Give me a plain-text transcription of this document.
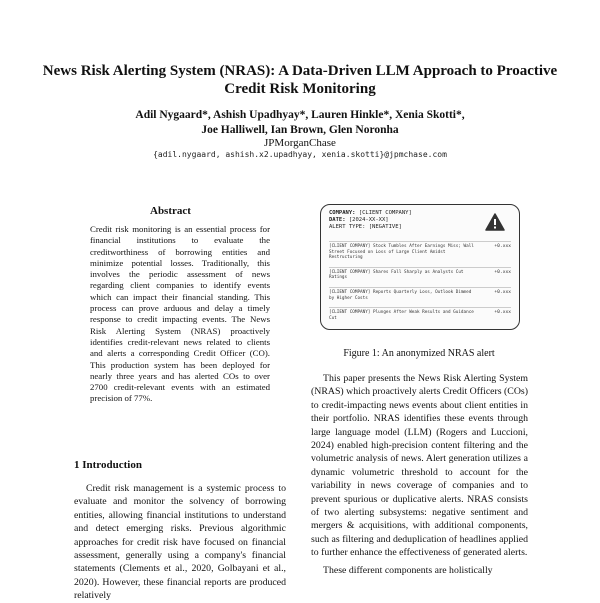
News Risk Alerting System (NRAS): A Data-Driven LLM Approach to Proactive Credit Risk Monitoring
Adil Nygaard*, Ashish Upadhyay*, Lauren Hinkle*, Xenia Skotti*,
Joe Halliwell, Ian Brown, Glen Noronha
JPMorganChase
{adil.nygaard, ashish.x2.upadhyay, xenia.skotti}@jpmchase.com
Abstract
Credit risk monitoring is an essential process for financial institutions to evaluate the creditworthiness of borrowing entities and minimize potential losses. Traditionally, this involves the periodic assessment of news regarding client companies to identify events which can impact their financial standing. This process can prove arduous and delay a timely response to credit impacting events. The News Risk Alerting System (NRAS) proactively identifies credit-relevant news related to clients and alerts a corresponding Credit Officer (CO). This production system has been deployed for nearly three years and has alerted COs to over 2700 credit-relevant events with an estimated precision of 77%.
1 Introduction

Credit risk management is a systemic process to evaluate and monitor the solvency of borrowing entities, allowing financial institutions to understand and detect emerging risks. Previous algorithmic approaches for credit risk have focused on financial assessment, generally using a company's financial statements (Clements et al., 2020, Golbayani et al., 2020). However, these financial reports are produced relatively

COMPANY: [CLIENT COMPANY]
DATE: [2024-XX-XX]
ALERT TYPE: [NEGATIVE]
[CLIENT COMPANY] Stock Tumbles After Earnings Miss; Wall Street Focused on Loss of Large Client Amidst Restructuring
+0.xxx
[CLIENT COMPANY] Shares Fall Sharply as Analysts Cut Ratings
+0.xxx
[CLIENT COMPANY] Reports Quarterly Loss, Outlook Dimmed by Higher Costs
+0.xxx
[CLIENT COMPANY] Plunges After Weak Results and Guidance Cut
+0.xxx
Figure 1: An anonymized NRAS alert

This paper presents the News Risk Alerting System (NRAS) which proactively alerts Credit Officers (COs) to credit-impacting news events about client entities in their portfolio. NRAS identifies these events through large language model (LLM) (Rogers and Luccioni, 2024) enabled high-precision content filtering and the volumetric analysis of news. Alert generation utilizes a dynamic volumetric threshold to account for the variability in news coverage of companies and to prevent spurious or duplicative alerts. NRAS consists of two alerting subsystems: negative sentiment and mergers & acquisitions, with additional components, such as filtering and deduplication of headlines applied to further enhance the effectiveness of generated alerts.

These different components are holistically
